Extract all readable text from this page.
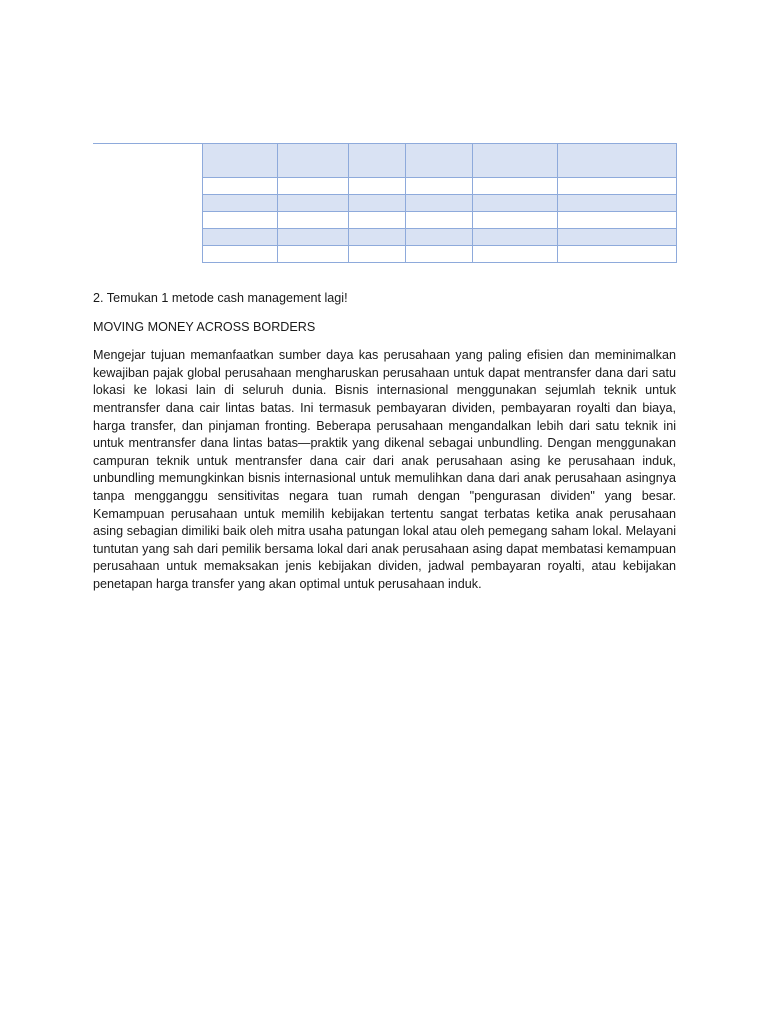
2. Temukan 1 metode cash management lagi!

MOVING MONEY ACROSS BORDERS

Mengejar tujuan memanfaatkan sumber daya kas perusahaan yang paling efisien dan meminimalkan kewajiban pajak global perusahaan mengharuskan perusahaan untuk dapat mentransfer dana dari satu lokasi ke lokasi lain di seluruh dunia. Bisnis internasional menggunakan sejumlah teknik untuk mentransfer dana cair lintas batas. Ini termasuk pembayaran dividen, pembayaran royalti dan biaya, harga transfer, dan pinjaman fronting. Beberapa perusahaan mengandalkan lebih dari satu teknik ini untuk mentransfer dana lintas batas—praktik yang dikenal sebagai unbundling. Dengan menggunakan campuran teknik untuk mentransfer dana cair dari anak perusahaan asing ke perusahaan induk, unbundling memungkinkan bisnis internasional untuk memulihkan dana dari anak perusahaan asingnya tanpa mengganggu sensitivitas negara tuan rumah dengan "pengurasan dividen" yang besar. Kemampuan perusahaan untuk memilih kebijakan tertentu sangat terbatas ketika anak perusahaan asing sebagian dimiliki baik oleh mitra usaha patungan lokal atau oleh pemegang saham lokal. Melayani tuntutan yang sah dari pemilik bersama lokal dari anak perusahaan asing dapat membatasi kemampuan perusahaan untuk memaksakan jenis kebijakan dividen, jadwal pembayaran royalti, atau kebijakan penetapan harga transfer yang akan optimal untuk perusahaan induk.
